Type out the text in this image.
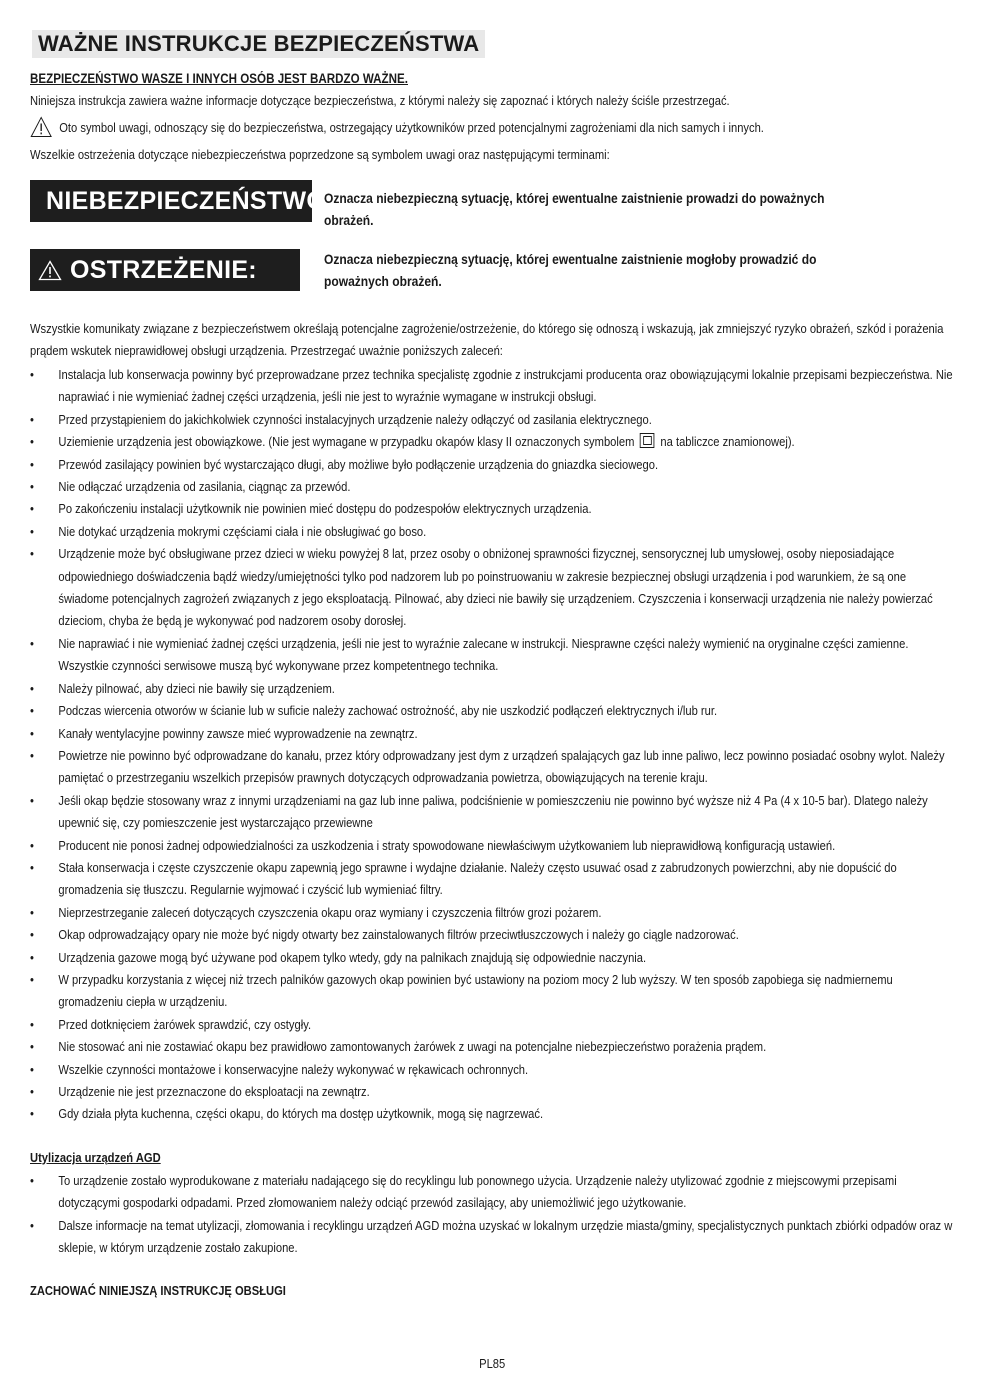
WAŻNE INSTRUKCJE BEZPIECZEŃSTWA
BEZPIECZEŃSTWO WASZE I INNYCH OSÓB JEST BARDZO WAŻNE.

Niniejsza instrukcja zawiera ważne informacje dotyczące bezpieczeństwa, z którymi należy się zapoznać i których należy ściśle przestrzegać.

Oto symbol uwagi, odnoszący się do bezpieczeństwa, ostrzegający użytkowników przed potencjalnymi zagrożeniami dla nich samych i innych.

Wszelkie ostrzeżenia dotyczące niebezpieczeństwa poprzedzone są symbolem uwagi oraz następującymi terminami:

NIEBEZPIECZEŃSTWO:
Oznacza niebezpieczną sytuację, której ewentualne zaistnienie prowadzi do poważnych obrażeń.
OSTRZEŻENIE:	Oznacza niebezpieczną sytuację, której ewentualne zaistnienie mogłoby prowadzić do poważnych obrażeń.

Wszystkie komunikaty związane z bezpieczeństwem określają potencjalne zagrożenie/ostrzeżenie, do którego się odnoszą i wskazują, jak zmniejszyć ryzyko obrażeń, szkód i porażenia prądem wskutek nieprawidłowej obsługi urządzenia. Przestrzegać uważnie poniższych zaleceń:

• Instalacja lub konserwacja powinny być przeprowadzane przez technika specjalistę zgodnie z instrukcjami producenta oraz obowiązującymi lokalnie przepisami bezpieczeństwa. Nie naprawiać i nie wymieniać żadnej części urządzenia, jeśli nie jest to wyraźnie wymagane w instrukcji obsługi.
• Przed przystąpieniem do jakichkolwiek czynności instalacyjnych urządzenie należy odłączyć od zasilania elektrycznego.
• Uziemienie urządzenia jest obowiązkowe. (Nie jest wymagane w przypadku okapów klasy II oznaczonych symbolem na tabliczce znamionowej).
• Przewód zasilający powinien być wystarczająco długi, aby możliwe było podłączenie urządzenia do gniazdka sieciowego.
• Nie odłączać urządzenia od zasilania, ciągnąc za przewód.
• Po zakończeniu instalacji użytkownik nie powinien mieć dostępu do podzespołów elektrycznych urządzenia.
• Nie dotykać urządzenia mokrymi częściami ciała i nie obsługiwać go boso.
• Urządzenie może być obsługiwane przez dzieci w wieku powyżej 8 lat, przez osoby o obniżonej sprawności fizycznej, sensorycznej lub umysłowej, osoby nieposiadające odpowiedniego doświadczenia bądź wiedzy/umiejętności tylko pod nadzorem lub po poinstruowaniu w zakresie bezpiecznej obsługi urządzenia i pod warunkiem, że są one świadome potencjalnych zagrożeń związanych z jego eksploatacją. Pilnować, aby dzieci nie bawiły się urządzeniem. Czyszczenia i konserwacji urządzenia nie należy powierzać dzieciom, chyba że będą je wykonywać pod nadzorem osoby dorosłej.
• Nie naprawiać i nie wymieniać żadnej części urządzenia, jeśli nie jest to wyraźnie zalecane w instrukcji. Niesprawne części należy wymienić na oryginalne części zamienne. Wszystkie czynności serwisowe muszą być wykonywane przez kompetentnego technika.
• Należy pilnować, aby dzieci nie bawiły się urządzeniem.
• Podczas wiercenia otworów w ścianie lub w suficie należy zachować ostrożność, aby nie uszkodzić podłączeń elektrycznych i/lub rur.
• Kanały wentylacyjne powinny zawsze mieć wyprowadzenie na zewnątrz.
• Powietrze nie powinno być odprowadzane do kanału, przez który odprowadzany jest dym z urządzeń spalających gaz lub inne paliwo, lecz powinno posiadać osobny wylot. Należy pamiętać o przestrzeganiu wszelkich przepisów prawnych dotyczących odprowadzania powietrza, obowiązujących na terenie kraju.
• Jeśli okap będzie stosowany wraz z innymi urządzeniami na gaz lub inne paliwa, podciśnienie w pomieszczeniu nie powinno być wyższe niż 4 Pa (4 x 10-5 bar). Dlatego należy upewnić się, czy pomieszczenie jest wystarczająco przewiewne
• Producent nie ponosi żadnej odpowiedzialności za uszkodzenia i straty spowodowane niewłaściwym użytkowaniem lub nieprawidłową konfiguracją ustawień.
• Stała konserwacja i częste czyszczenie okapu zapewnią jego sprawne i wydajne działanie. Należy często usuwać osad z zabrudzonych powierzchni, aby nie dopuścić do gromadzenia się tłuszczu. Regularnie wyjmować i czyścić lub wymieniać filtry.
• Nieprzestrzeganie zaleceń dotyczących czyszczenia okapu oraz wymiany i czyszczenia filtrów grozi pożarem.
• Okap odprowadzający opary nie może być nigdy otwarty bez zainstalowanych filtrów przeciwtłuszczowych i należy go ciągle nadzorować.
• Urządzenia gazowe mogą być używane pod okapem tylko wtedy, gdy na palnikach znajdują się odpowiednie naczynia.
• W przypadku korzystania z więcej niż trzech palników gazowych okap powinien być ustawiony na poziom mocy 2 lub wyższy. W ten sposób zapobiega się nadmiernemu gromadzeniu ciepła w urządzeniu.
• Przed dotknięciem żarówek sprawdzić, czy ostygły.
• Nie stosować ani nie zostawiać okapu bez prawidłowo zamontowanych żarówek z uwagi na potencjalne niebezpieczeństwo porażenia prądem.
• Wszelkie czynności montażowe i konserwacyjne należy wykonywać w rękawicach ochronnych.
• Urządzenie nie jest przeznaczone do eksploatacji na zewnątrz.
• Gdy działa płyta kuchenna, części okapu, do których ma dostęp użytkownik, mogą się nagrzewać.
Utylizacja urządzeń AGD
• To urządzenie zostało wyprodukowane z materiału nadającego się do recyklingu lub ponownego użycia. Urządzenie należy utylizować zgodnie z miejscowymi przepisami dotyczącymi gospodarki odpadami. Przed złomowaniem należy odciąć przewód zasilający, aby uniemożliwić jego użytkowanie.
• Dalsze informacje na temat utylizacji, złomowania i recyklingu urządzeń AGD można uzyskać w lokalnym urzędzie miasta/gminy, specjalistycznych punktach zbiórki odpadów oraz w sklepie, w którym urządzenie zostało zakupione.
ZACHOWAĆ NINIEJSZĄ INSTRUKCJĘ OBSŁUGI
PL85
